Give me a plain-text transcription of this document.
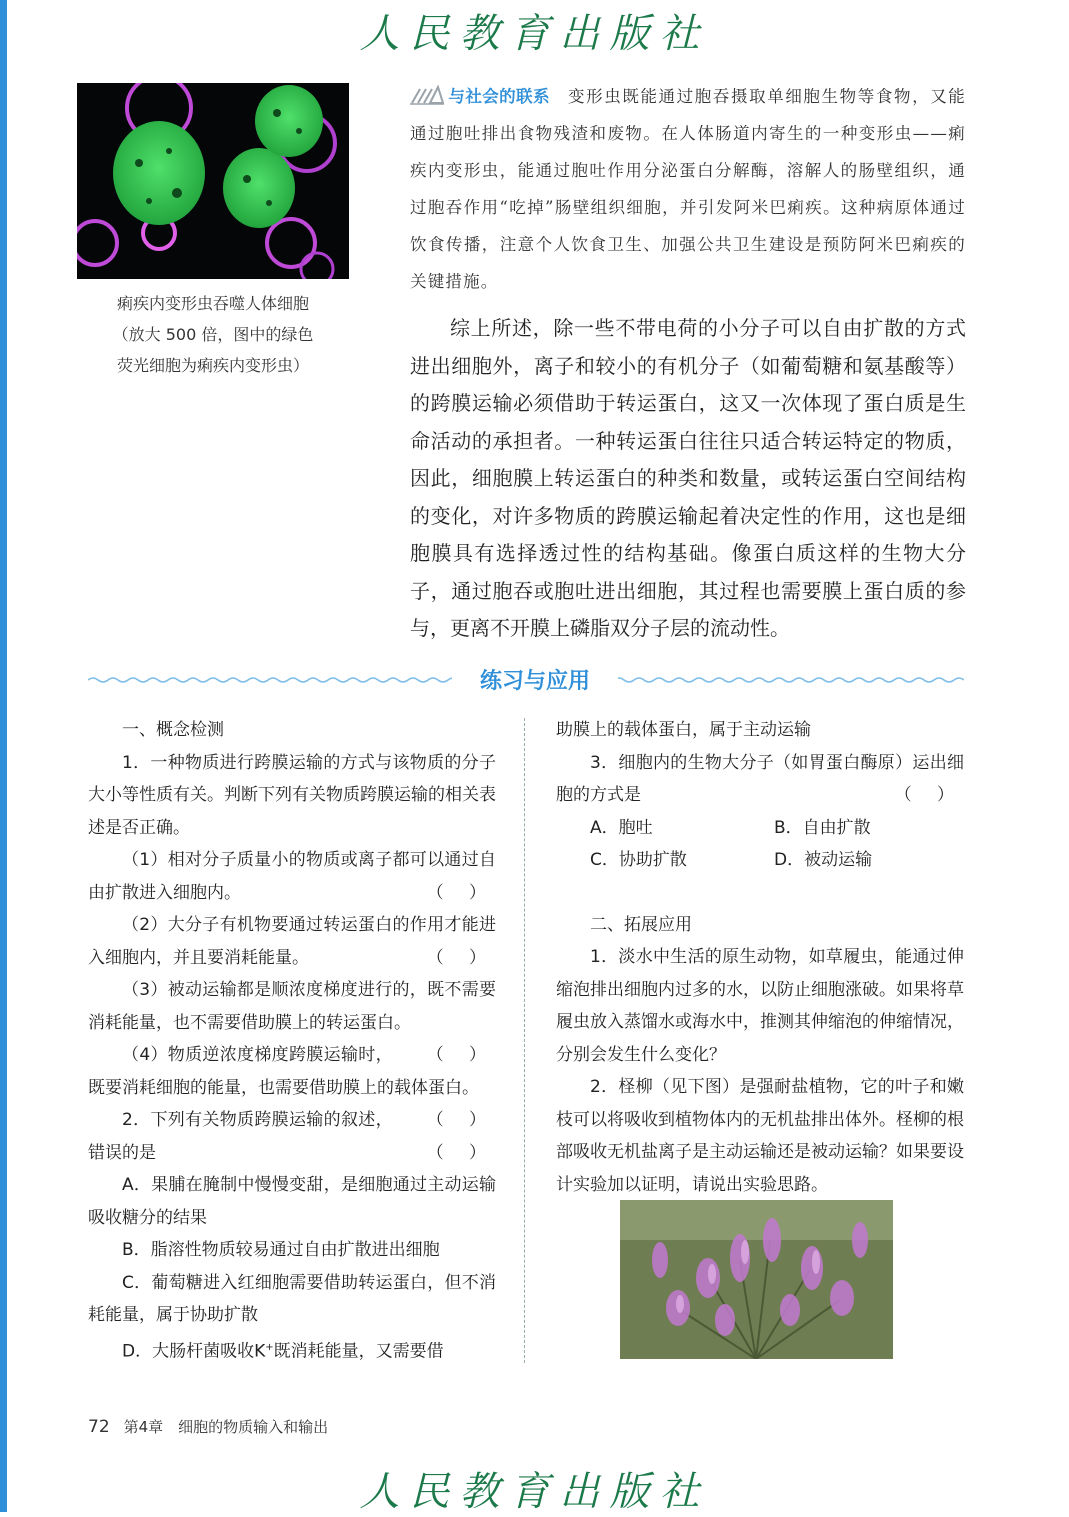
人民教育出版社
痢疾内变形虫吞噬人体细胞
（放大 500 倍，图中的绿色
荧光细胞为痢疾内变形虫）
与社会的联系　 变形虫既能通过胞吞摄取单细胞生物等食物，又能通过胞吐排出食物残渣和废物。在人体肠道内寄生的一种变形虫——痢疾内变形虫，能通过胞吐作用分泌蛋白分解酶，溶解人的肠壁组织，通过胞吞作用“吃掉”肠壁组织细胞，并引发阿米巴痢疾。这种病原体通过饮食传播，注意个人饮食卫生、加强公共卫生建设是预防阿米巴痢疾的关键措施。
综上所述，除一些不带电荷的小分子可以自由扩散的方式进出细胞外，离子和较小的有机分子（如葡萄糖和氨基酸等）的跨膜运输必须借助于转运蛋白，这又一次体现了蛋白质是生命活动的承担者。一种转运蛋白往往只适合转运特定的物质，因此，细胞膜上转运蛋白的种类和数量，或转运蛋白空间结构的变化，对许多物质的跨膜运输起着决定性的作用，这也是细胞膜具有选择透过性的结构基础。像蛋白质这样的生物大分子，通过胞吞或胞吐进出细胞，其过程也需要膜上蛋白质的参与，更离不开膜上磷脂双分子层的流动性。
练习与应用

一、概念检测

1．一种物质进行跨膜运输的方式与该物质的分子大小等性质有关。判断下列有关物质跨膜运输的相关表述是否正确。

（1）相对分子质量小的物质或离子都可以通过自由扩散进入细胞内。	（ ）

（2）大分子有机物要通过转运蛋白的作用才能进入细胞内，并且要消耗能量。	（ ）

（3）被动运输都是顺浓度梯度进行的，既不需要消耗能量，也不需要借助膜上的转运蛋白。
（ ）

（4）物质逆浓度梯度跨膜运输时，既要消耗细胞的能量，也需要借助膜上的载体蛋白。
（ ）

2．下列有关物质跨膜运输的叙述，错误的是	（ ）

A．果脯在腌制中慢慢变甜，是细胞通过主动运输吸收糖分的结果

B．脂溶性物质较易通过自由扩散进出细胞

C．葡萄糖进入红细胞需要借助转运蛋白，但不消耗能量，属于协助扩散

D．大肠杆菌吸收K+既消耗能量，又需要借

助膜上的载体蛋白，属于主动运输

3．细胞内的生物大分子（如胃蛋白酶原）运出细胞的方式是	（ ）

A．胞吐	B．自由扩散
C．协助扩散	D．被动运输

二、拓展应用

1．淡水中生活的原生动物，如草履虫，能通过伸缩泡排出细胞内过多的水，以防止细胞涨破。如果将草履虫放入蒸馏水或海水中，推测其伸缩泡的伸缩情况，分别会发生什么变化？

2．柽柳（见下图）是强耐盐植物，它的叶子和嫩枝可以将吸收到植物体内的无机盐排出体外。柽柳的根部吸收无机盐离子是主动运输还是被动运输？如果要设计实验加以证明，请说出实验思路。

72 第4章　细胞的物质输入和输出
人民教育出版社
